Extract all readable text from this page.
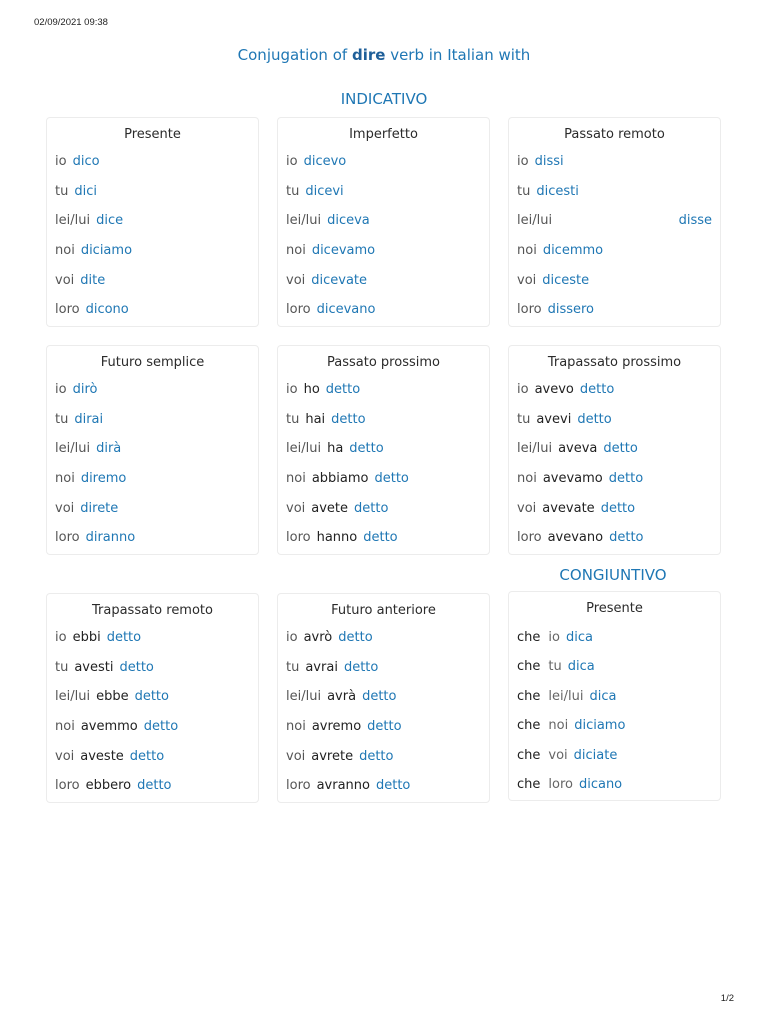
02/09/2021 09:38
Conjugation of dire verb in Italian with
INDICATIVO
CONGIUNTIVO
Presente
io dico
tu dici
lei/lui dice
noi diciamo
voi dite
loro dicono
Imperfetto
io dicevo
tu dicevi
lei/lui diceva
noi dicevamo
voi dicevate
loro dicevano
Passato remoto
io dissi
tu dicesti
lei/lui	disse
noi dicemmo
voi diceste
loro dissero
Futuro semplice
io dirò
tu dirai
lei/lui dirà
noi diremo
voi direte
loro diranno
Passato prossimo
io ho detto
tu hai detto
lei/lui ha detto
noi abbiamo detto
voi avete detto
loro hanno detto
Trapassato prossimo
io avevo detto
tu avevi detto
lei/lui aveva detto
noi avevamo detto
voi avevate detto
loro avevano detto
Trapassato remoto
io ebbi detto
tu avesti detto
lei/lui ebbe detto
noi avemmo detto
voi aveste detto
loro ebbero detto
Futuro anteriore
io avrò detto
tu avrai detto
lei/lui avrà detto
noi avremo detto
voi avrete detto
loro avranno detto
Presente
che io dica
che tu dica
che lei/lui dica
che noi diciamo
che voi diciate
che loro dicano
1/2
